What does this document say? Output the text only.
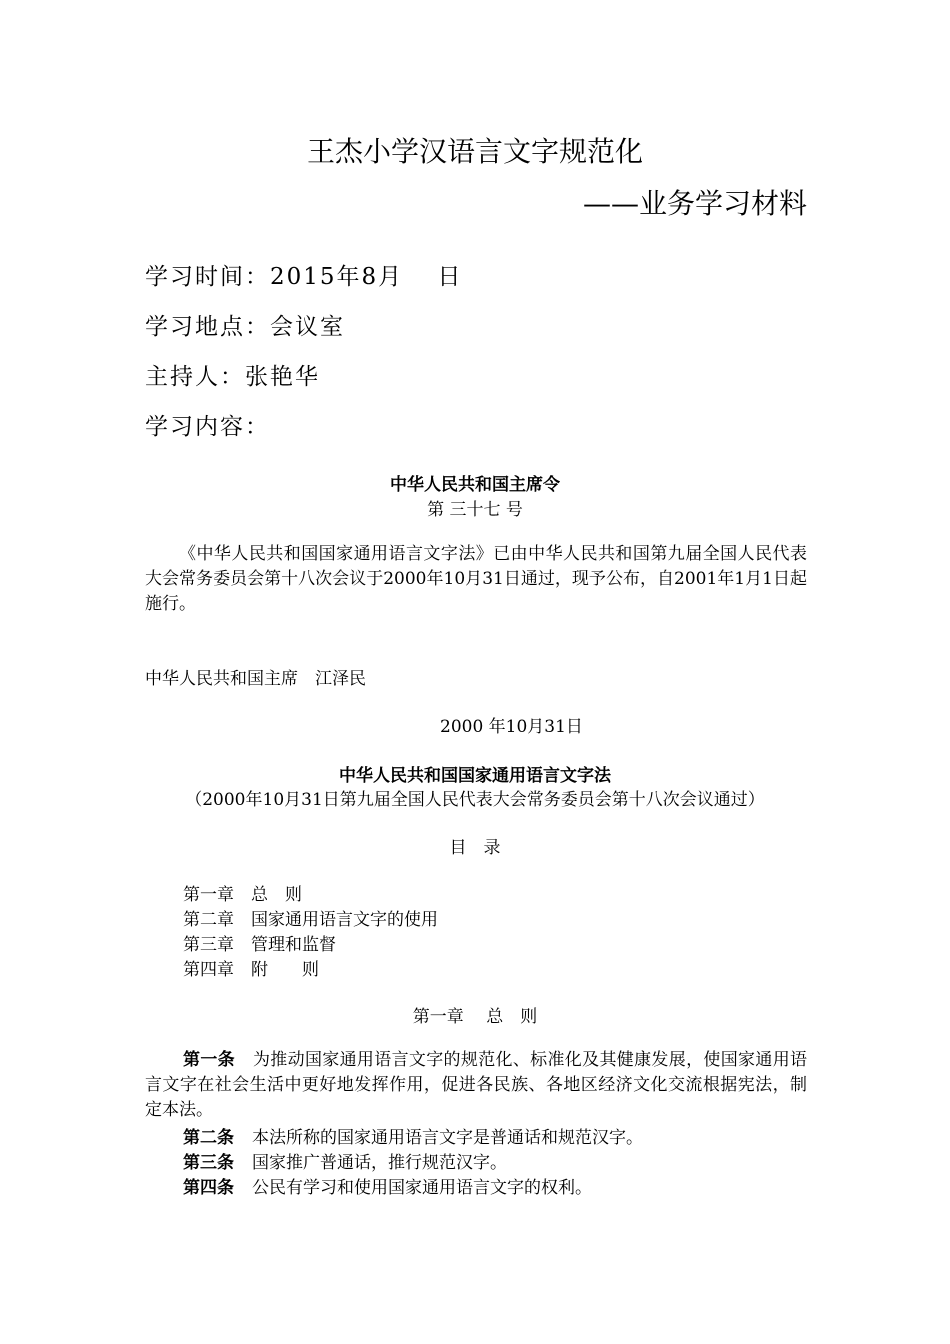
王杰小学汉语言文字规范化
——业务学习材料
学习时间：2015年8月　 日
学习地点：会议室
主持人：张艳华
学习内容：
中华人民共和国主席令
第 三十七 号
《中华人民共和国国家通用语言文字法》已由中华人民共和国第九届全国人民代表大会常务委员会第十八次会议于2000年10月31日通过，现予公布，自2001年1月1日起施行。
中华人民共和国主席　江泽民
2000 年10月31日
中华人民共和国国家通用语言文字法
（2000年10月31日第九届全国人民代表大会常务委员会第十八次会议通过）
目　录
第一章　总　则
第二章　国家通用语言文字的使用
第三章　管理和监督
第四章　附　　则
第一章　 总　则
第一条 为推动国家通用语言文字的规范化、标准化及其健康发展，使国家通用语言文字在社会生活中更好地发挥作用，促进各民族、各地区经济文化交流根据宪法，制定本法。
第二条 本法所称的国家通用语言文字是普通话和规范汉字。
第三条 国家推广普通话，推行规范汉字。
第四条 公民有学习和使用国家通用语言文字的权利。
